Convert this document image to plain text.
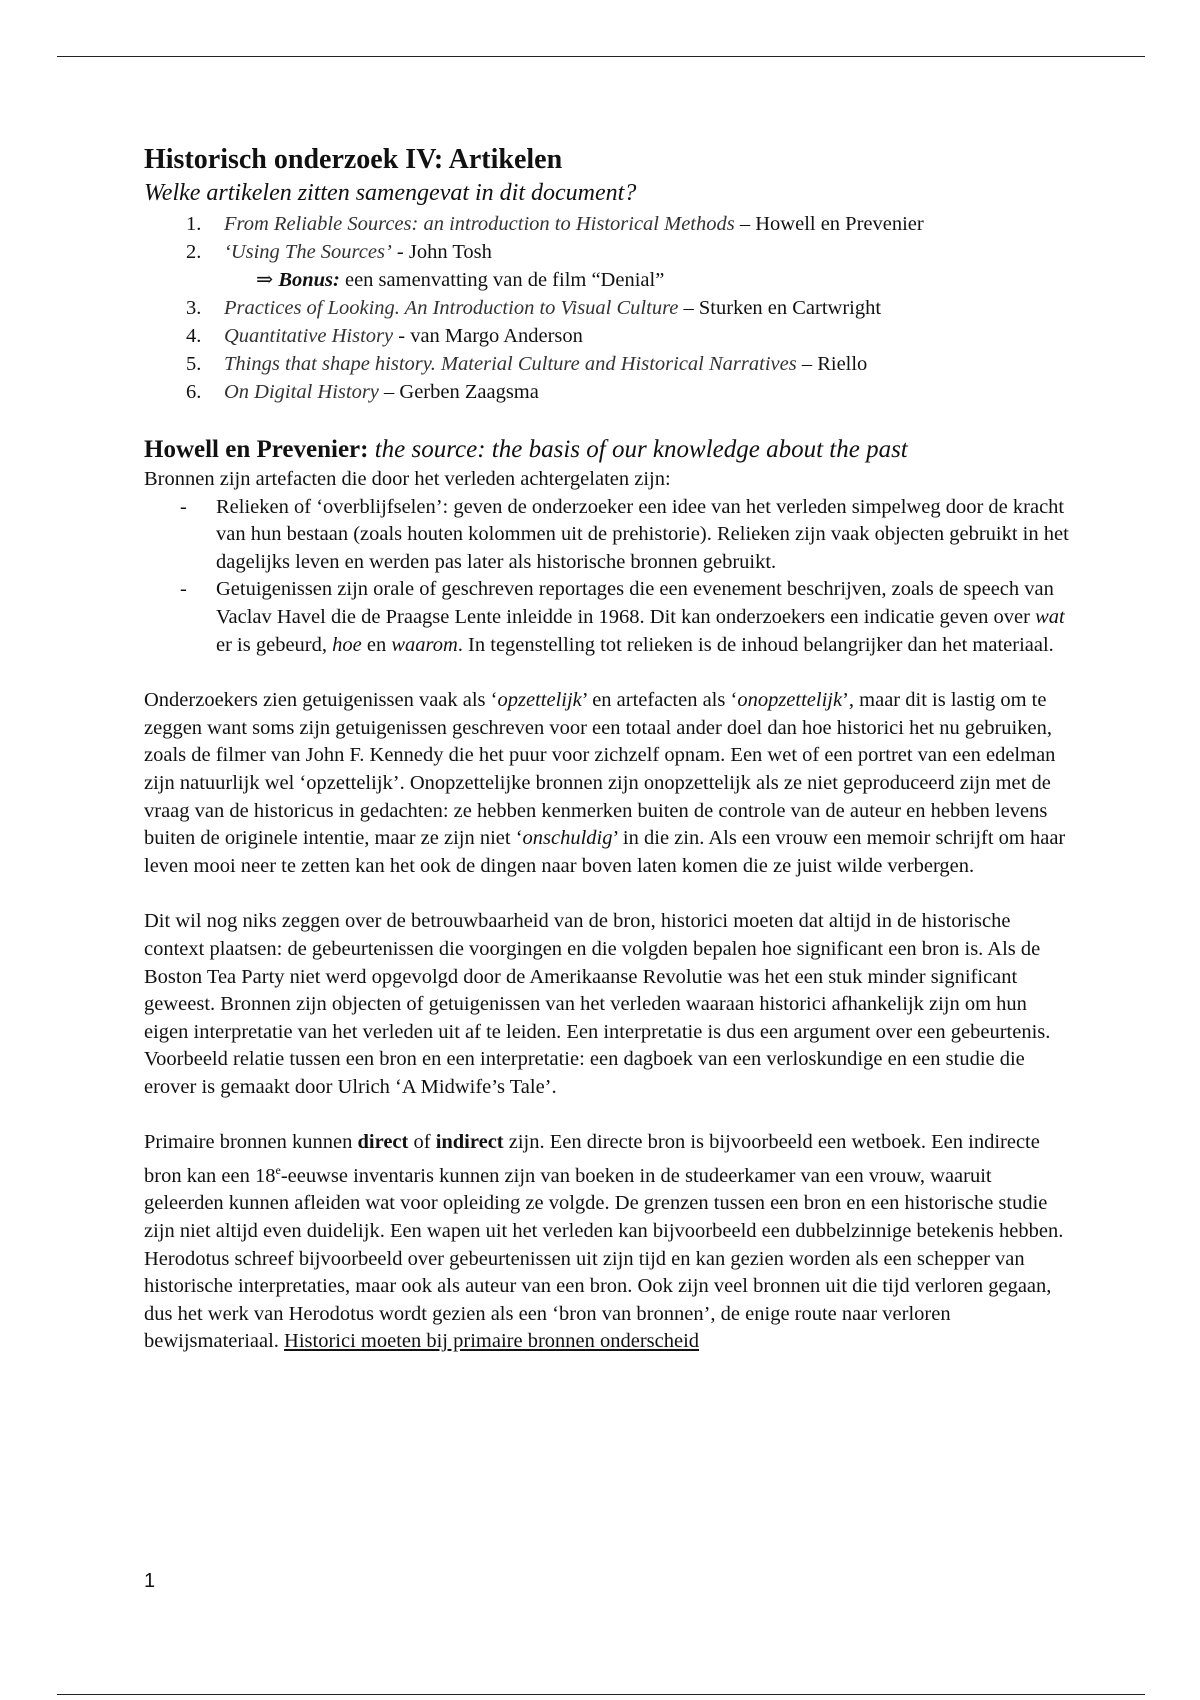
Historisch onderzoek IV: Artikelen
Welke artikelen zitten samengevat in dit document?
1. From Reliable Sources: an introduction to Historical Methods – Howell en Prevenier
2. ‘Using The Sources’ - John Tosh
⇒ Bonus: een samenvatting van de film “Denial”
3. Practices of Looking. An Introduction to Visual Culture – Sturken en Cartwright
4. Quantitative History - van Margo Anderson
5. Things that shape history. Material Culture and Historical Narratives – Riello
6. On Digital History – Gerben Zaagsma
Howell en Prevenier: the source: the basis of our knowledge about the past

Bronnen zijn artefacten die door het verleden achtergelaten zijn:

- Relieken of ‘overblijfselen’: geven de onderzoeker een idee van het verleden simpelweg door de kracht van hun bestaan (zoals houten kolommen uit de prehistorie). Relieken zijn vaak objecten gebruikt in het dagelijks leven en werden pas later als historische bronnen gebruikt.
- Getuigenissen zijn orale of geschreven reportages die een evenement beschrijven, zoals de speech van Vaclav Havel die de Praagse Lente inleidde in 1968. Dit kan onderzoekers een indicatie geven over wat er is gebeurd, hoe en waarom. In tegenstelling tot relieken is de inhoud belangrijker dan het materiaal.

Onderzoekers zien getuigenissen vaak als ‘opzettelijk’ en artefacten als ‘onopzettelijk’, maar dit is lastig om te zeggen want soms zijn getuigenissen geschreven voor een totaal ander doel dan hoe historici het nu gebruiken, zoals de filmer van John F. Kennedy die het puur voor zichzelf opnam. Een wet of een portret van een edelman zijn natuurlijk wel ‘opzettelijk’. Onopzettelijke bronnen zijn onopzettelijk als ze niet geproduceerd zijn met de vraag van de historicus in gedachten: ze hebben kenmerken buiten de controle van de auteur en hebben levens buiten de originele intentie, maar ze zijn niet ‘onschuldig’ in die zin. Als een vrouw een memoir schrijft om haar leven mooi neer te zetten kan het ook de dingen naar boven laten komen die ze juist wilde verbergen.

Dit wil nog niks zeggen over de betrouwbaarheid van de bron, historici moeten dat altijd in de historische context plaatsen: de gebeurtenissen die voorgingen en die volgden bepalen hoe significant een bron is. Als de Boston Tea Party niet werd opgevolgd door de Amerikaanse Revolutie was het een stuk minder significant geweest. Bronnen zijn objecten of getuigenissen van het verleden waaraan historici afhankelijk zijn om hun eigen interpretatie van het verleden uit af te leiden. Een interpretatie is dus een argument over een gebeurtenis. Voorbeeld relatie tussen een bron en een interpretatie: een dagboek van een verloskundige en een studie die erover is gemaakt door Ulrich ‘A Midwife’s Tale’.

Primaire bronnen kunnen direct of indirect zijn. Een directe bron is bijvoorbeeld een wetboek. Een indirecte bron kan een 18e-eeuwse inventaris kunnen zijn van boeken in de studeerkamer van een vrouw, waaruit geleerden kunnen afleiden wat voor opleiding ze volgde. De grenzen tussen een bron en een historische studie zijn niet altijd even duidelijk. Een wapen uit het verleden kan bijvoorbeeld een dubbelzinnige betekenis hebben. Herodotus schreef bijvoorbeeld over gebeurtenissen uit zijn tijd en kan gezien worden als een schepper van historische interpretaties, maar ook als auteur van een bron. Ook zijn veel bronnen uit die tijd verloren gegaan, dus het werk van Herodotus wordt gezien als een ‘bron van bronnen’, de enige route naar verloren bewijsmateriaal. Historici moeten bij primaire bronnen onderscheid

1
